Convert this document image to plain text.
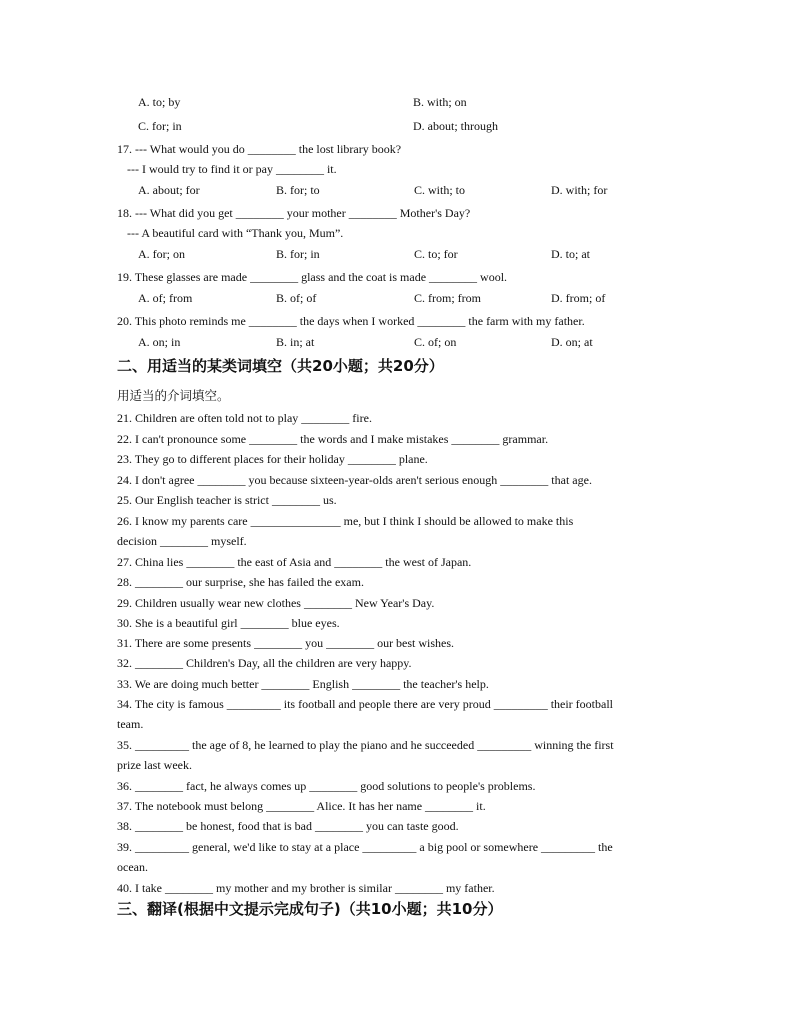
A. to; by	B. with; on
C. for; in	D. about; through
17. --- What would you do ________ the lost library book?
--- I would try to find it or pay ________ it.
A. about; for	B. for; to	C. with; to	D. with; for
18. --- What did you get ________ your mother ________ Mother's Day?
--- A beautiful card with “Thank you, Mum”.
A. for; on	B. for; in	C. to; for	D. to; at
19. These glasses are made ________ glass and the coat is made ________ wool.
A. of; from	B. of; of	C. from; from	D. from; of
20. This photo reminds me ________ the days when I worked ________ the farm with my father.
A. on; in	B. in; at	C. of; on	D. on; at
二、用适当的某类词填空（共20小题；共20分）
用适当的介词填空。
21. Children are often told not to play ________ fire.
22. I can't pronounce some ________ the words and I make mistakes ________ grammar.
23. They go to different places for their holiday ________ plane.
24. I don't agree ________ you because sixteen-year-olds aren't serious enough ________ that age.
25. Our English teacher is strict ________ us.
26. I know my parents care _______________ me, but I think I should be allowed to make this
decision ________ myself.
27. China lies ________ the east of Asia and ________ the west of Japan.
28. ________ our surprise, she has failed the exam.
29. Children usually wear new clothes ________ New Year's Day.
30. She is a beautiful girl ________ blue eyes.
31. There are some presents ________ you ________ our best wishes.
32. ________ Children's Day, all the children are very happy.
33. We are doing much better ________ English ________ the teacher's help.
34. The city is famous _________ its football and people there are very proud _________ their football
team.
35. _________ the age of 8, he learned to play the piano and he succeeded _________ winning the first
prize last week.
36. ________ fact, he always comes up ________ good solutions to people's problems.
37. The notebook must belong ________ Alice. It has her name ________ it.
38. ________ be honest, food that is bad ________ you can taste good.
39. _________ general, we'd like to stay at a place _________ a big pool or somewhere _________ the
ocean.
40. I take ________ my mother and my brother is similar ________ my father.
三、翻译(根据中文提示完成句子)（共10小题；共10分）
